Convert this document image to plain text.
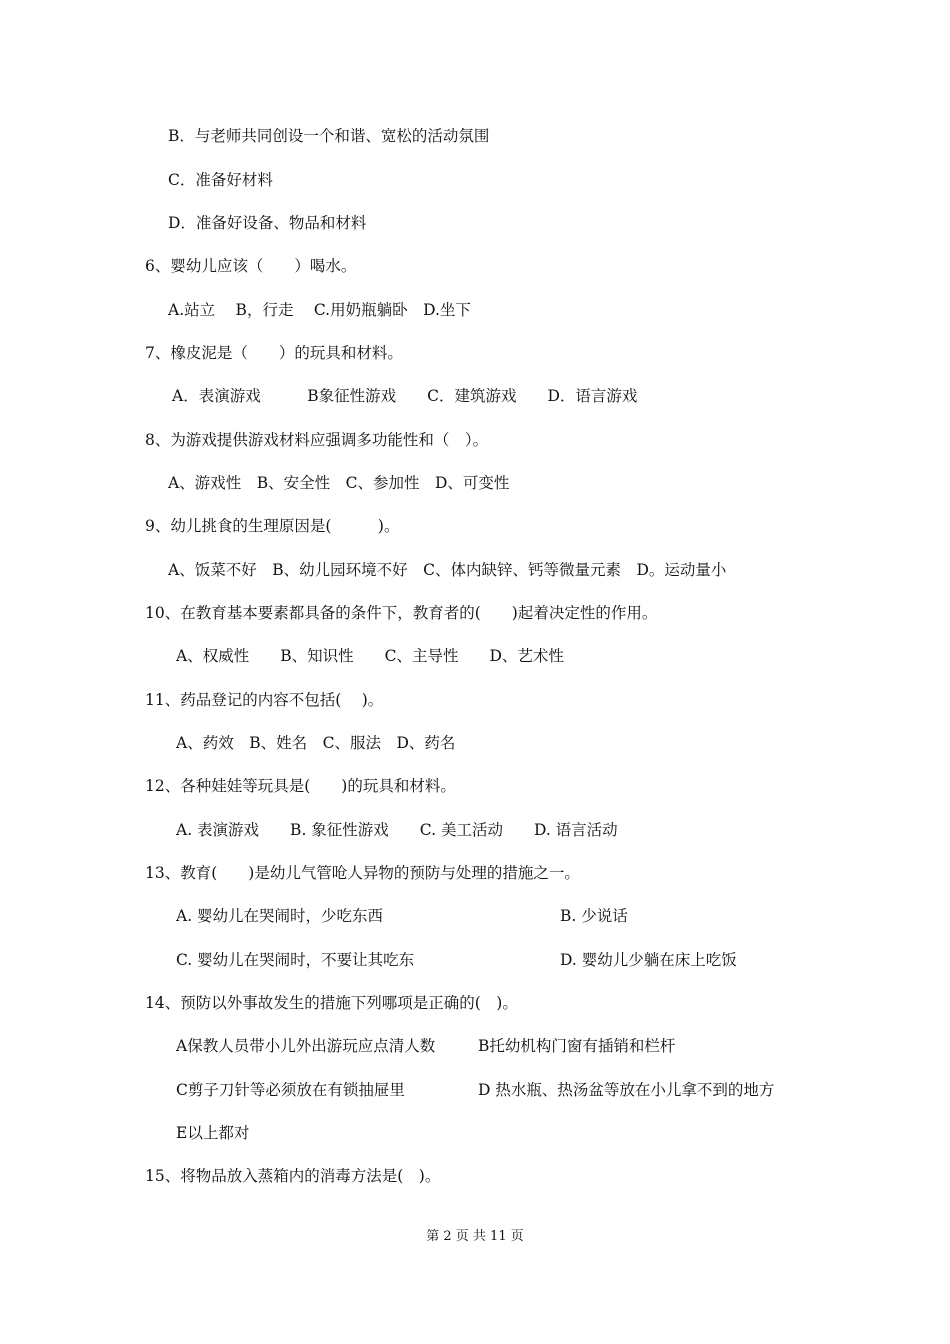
B．与老师共同创设一个和谐、宽松的活动氛围
C．准备好材料
D．准备好设备、物品和材料
6、婴幼儿应该（　　）喝水。
A.站立　 B，行走　 C.用奶瓶躺卧　D.坐下
7、橡皮泥是（　　）的玩具和材料。
A．表演游戏　　　B象征性游戏　　C．建筑游戏　　D．语言游戏
8、为游戏提供游戏材料应强调多功能性和（　）。
A、游戏性　B、安全性　C、参加性　D、可变性
9、幼儿挑食的生理原因是(　　　)。
A、饭菜不好　B、幼儿园环境不好　C、体内缺锌、钙等微量元素　D。运动量小
10、在教育基本要素都具备的条件下，教育者的(　　)起着决定性的作用。
A、权威性　　B、知识性　　C、主导性　　D、艺术性
11、药品登记的内容不包括(　 )。
A、药效　B、姓名　C、服法　D、药名
12、各种娃娃等玩具是(　　)的玩具和材料。
A. 表演游戏　　B. 象征性游戏　　C. 美工活动　　D. 语言活动
13、教育(　　)是幼儿气管呛人异物的预防与处理的措施之一。
A. 婴幼儿在哭闹时，少吃东西	B. 少说话
C. 婴幼儿在哭闹时，不要让其吃东	D. 婴幼儿少躺在床上吃饭
14、预防以外事故发生的措施下列哪项是正确的(　)。
A保教人员带小儿外出游玩应点清人数	B托幼机构门窗有插销和栏杆
C剪子刀针等必须放在有锁抽屉里	D 热水瓶、热汤盆等放在小儿拿不到的地方
E以上都对
15、将物品放入蒸箱内的消毒方法是(　)。
第 2 页 共 11 页
